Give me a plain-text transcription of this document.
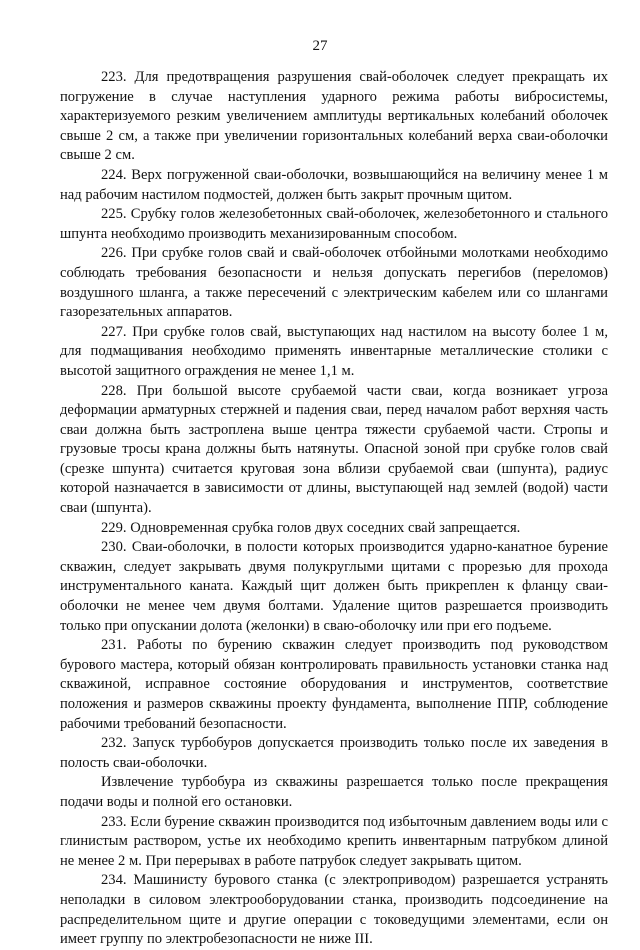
27

223. Для предотвращения разрушения свай-оболочек следует прекращать их погружение в случае наступления ударного режима работы вибросистемы, характеризуемого резким увеличением амплитуды вертикальных колебаний оболочек свыше 2 см, а также при увеличении горизонтальных колебаний верха сваи-оболочки свыше 2 см.

224. Верх погруженной сваи-оболочки, возвышающийся на величину менее 1 м над рабочим настилом подмостей, должен быть закрыт прочным щитом.

225. Срубку голов железобетонных свай-оболочек, железобетонного и стального шпунта необходимо производить механизированным способом.

226. При срубке голов свай и свай-оболочек отбойными молотками необходимо соблюдать требования безопасности и нельзя допускать перегибов (переломов) воздушного шланга, а также пересечений с электрическим кабелем или со шлангами газорезательных аппаратов.

227. При срубке голов свай, выступающих над настилом на высоту более 1 м, для подмащивания необходимо применять инвентарные металлические столики с высотой защитного ограждения не менее 1,1 м.

228. При большой высоте срубаемой части сваи, когда возникает угроза деформации арматурных стержней и падения сваи, перед началом работ верхняя часть сваи должна быть застроплена выше центра тяжести срубаемой части. Стропы и грузовые тросы крана должны быть натянуты. Опасной зоной при срубке голов свай (срезке шпунта) считается круговая зона вблизи срубаемой сваи (шпунта), радиус которой назначается в зависимости от длины, выступающей над землей (водой) части сваи (шпунта).

229. Одновременная срубка голов двух соседних свай запрещается.

230. Сваи-оболочки, в полости которых производится ударно-канатное бурение скважин, следует закрывать двумя полукруглыми щитами с прорезью для прохода инструментального каната. Каждый щит должен быть прикреплен к фланцу сваи-оболочки не менее чем двумя болтами. Удаление щитов разрешается производить только при опускании долота (желонки) в сваю-оболочку или при его подъеме.

231. Работы по бурению скважин следует производить под руководством бурового мастера, который обязан контролировать правильность установки станка над скважиной, исправное состояние оборудования и инструментов, соответствие положения и размеров скважины проекту фундамента, выполнение ППР, соблюдение рабочими требований безопасности.

232. Запуск турбобуров допускается производить только после их заведения в полость сваи-оболочки.

Извлечение турбобура из скважины разрешается только после прекращения подачи воды и полной его остановки.

233. Если бурение скважин производится под избыточным давлением воды или с глинистым раствором, устье их необходимо крепить инвентарным патрубком длиной не менее 2 м. При перерывах в работе патрубок следует закрывать щитом.

234. Машинисту бурового станка (с электроприводом) разрешается устранять неполадки в силовом электрооборудовании станка, производить подсоединение на распределительном щите и другие операции с токоведущими элементами, если он имеет группу по электробезопасности не ниже III.
